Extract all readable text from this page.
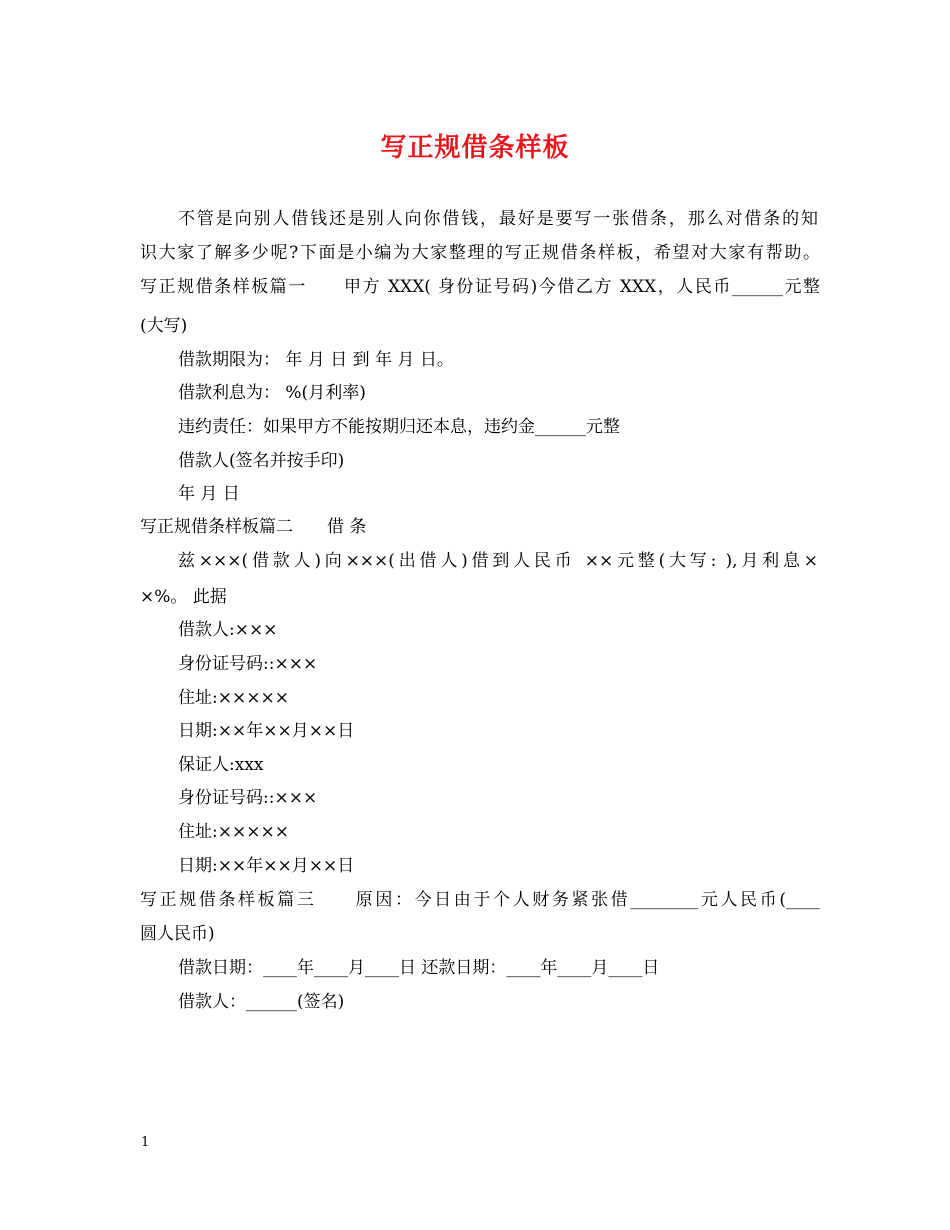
写正规借条样板
不管是向别人借钱还是别人向你借钱，最好是要写一张借条，那么对借条的知
识大家了解多少呢?下面是小编为大家整理的写正规借条样板，希望对大家有帮助。
写正规借条样板篇一　　甲方 XXX( 身份证号码)今借乙方 XXX，人民币______元整
(大写)
借款期限为： 年 月 日 到 年 月 日。
借款利息为： %(月利率)
违约责任：如果甲方不能按期归还本息，违约金______元整
借款人(签名并按手印)
年 月 日
写正规借条样板篇二　　借 条
兹×××(借款人)向×××(出借人)借到人民币 ××元整(大写: ),月利息×
×%。 此据
借款人:×××
身份证号码::×××
住址:×××××
日期:××年××月××日
保证人:xxx
身份证号码::×××
住址:×××××
日期:××年××月××日
写正规借条样板篇三　　原因：今日由于个人财务紧张借________元人民币(____
圆人民币)
借款日期：____年____月____日 还款日期：____年____月____日
借款人：______(签名)
1
